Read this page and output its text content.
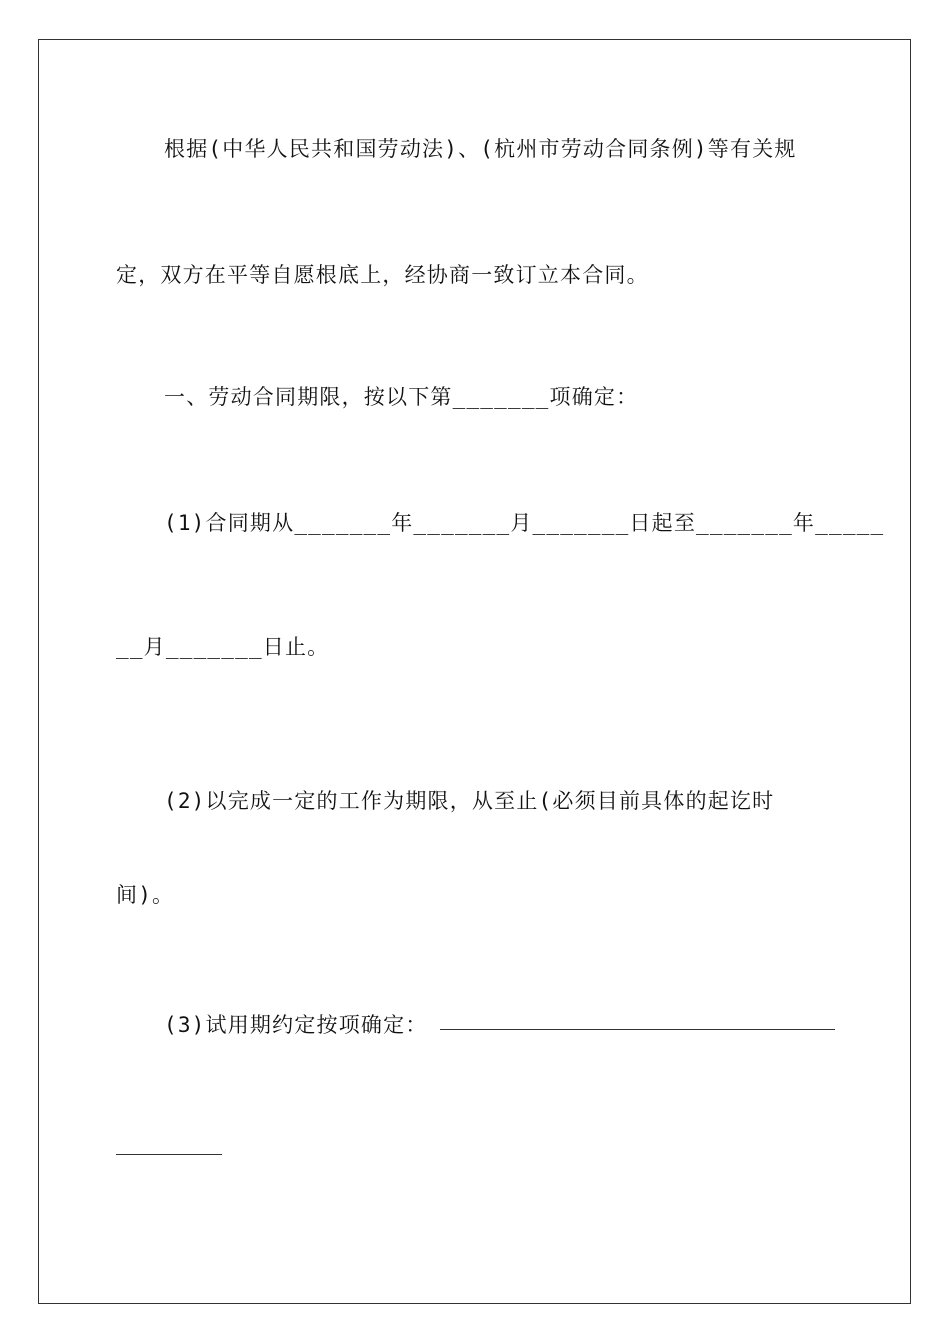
根据(中华人民共和国劳动法)、(杭州市劳动合同条例)等有关规
定，双方在平等自愿根底上，经协商一致订立本合同。
一、劳动合同期限，按以下第_______项确定：
(1)合同期从_______年_______月_______日起至_______年_____
__月_______日止。
(2)以完成一定的工作为期限，从至止(必须目前具体的起讫时
间)。
(3)试用期约定按项确定：
